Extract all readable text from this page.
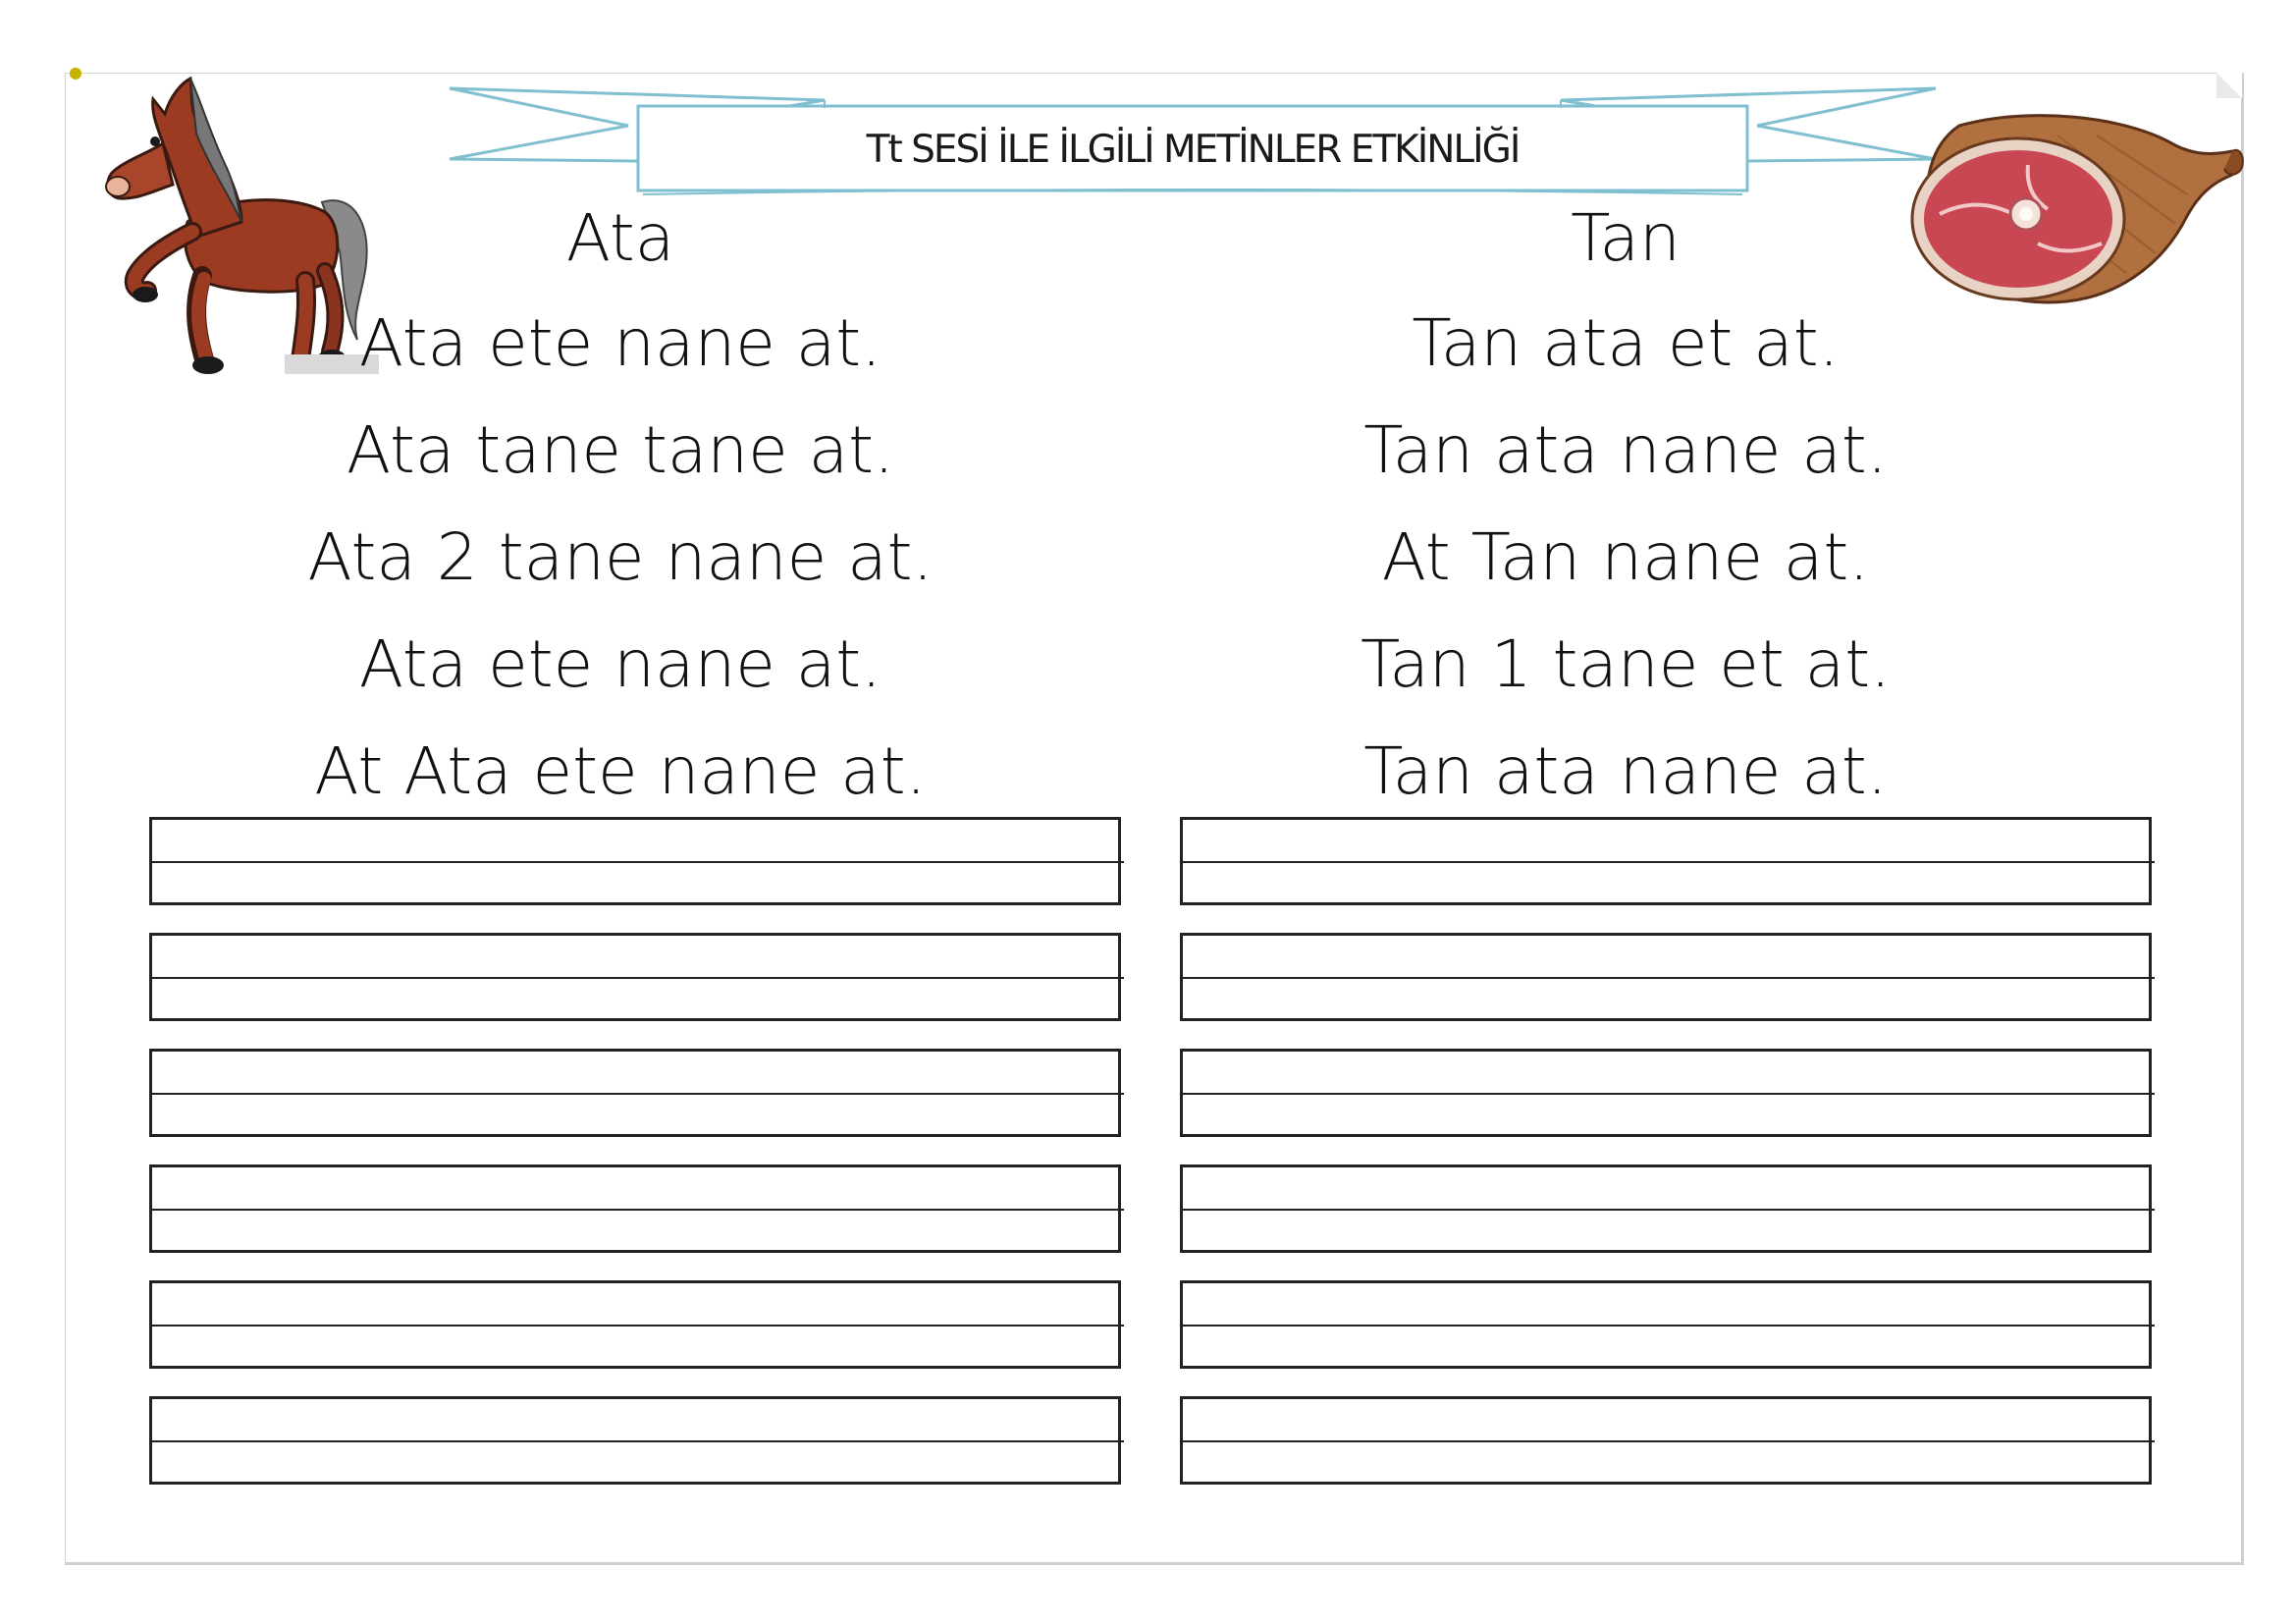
●
Tt SESİ İLE İLGİLİ METİNLER ETKİNLİĞİ
Ata
Ata ete nane at.
Ata tane tane at.
Ata 2 tane nane at.
Ata ete nane at.
At Ata ete nane at.
Tan
Tan ata et at.
Tan ata nane at.
At Tan nane at.
Tan 1 tane et at.
Tan ata nane at.
